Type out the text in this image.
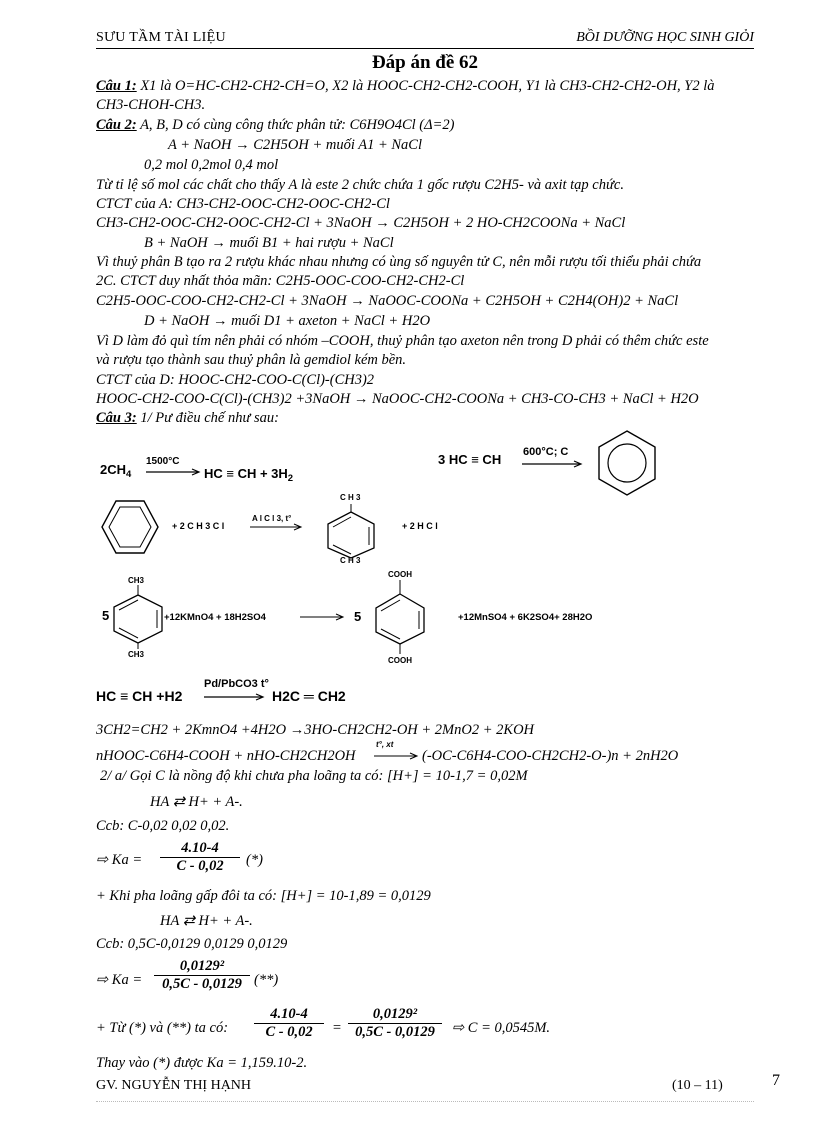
SƯU TẦM TÀI LIỆU	BỒI DƯỠNG HỌC SINH GIỎI
Đáp án đề 62
Câu 1: X1 là O=HC-CH2-CH2-CH=O, X2 là HOOC-CH2-CH2-COOH, Y1 là CH3-CH2-CH2-OH, Y2 là
CH3-CHOH-CH3.
Câu 2: A, B, D có cùng công thức phân tử: C6H9O4Cl (Δ=2)
A + NaOH → C2H5OH + muối A1 + NaCl
0,2 mol 0,2mol 0,4 mol
Từ tỉ lệ số mol các chất cho thấy A là este 2 chức chứa 1 gốc rượu C2H5- và axit tạp chức.
CTCT của A: CH3-CH2-OOC-CH2-OOC-CH2-Cl
CH3-CH2-OOC-CH2-OOC-CH2-Cl + 3NaOH → C2H5OH + 2 HO-CH2COONa + NaCl
B + NaOH → muối B1 + hai rượu + NaCl
Vì thuỷ phân B tạo ra 2 rượu khác nhau nhưng có ùng số nguyên tử C, nên mỗi rượu tối thiểu phải chứa
2C. CTCT duy nhất thỏa mãn: C2H5-OOC-COO-CH2-CH2-Cl
C2H5-OOC-COO-CH2-CH2-Cl + 3NaOH → NaOOC-COONa + C2H5OH + C2H4(OH)2 + NaCl
D + NaOH → muối D1 + axeton + NaCl + H2O
Vì D làm đỏ quì tím nên phải có nhóm –COOH, thuỷ phân tạo axeton nên trong D phải có thêm chức este
và rượu tạo thành sau thuỷ phân là gemdiol kém bền.
CTCT của D: HOOC-CH2-COO-C(Cl)-(CH3)2
HOOC-CH2-COO-C(Cl)-(CH3)2 +3NaOH → NaOOC-CH2-COONa + CH3-CO-CH3 + NaCl + H2O
Câu 3: 1/ Pư điều chế như sau:
$2CH_4$
1500°C
HC ≡ CH + $3H_2$
3 HC ≡ CH 600°C; C
+ 2 C H 3 C l
A l C l 3, t°
C H 3
C H 3
+ 2 H C l
5
CH3
CH3
+12KMnO4 + 18H2SO4	5
COOH
COOH
+12MnSO4 + 6K2SO4+ 28H2O
HC ≡ CH +H2
Pd/PbCO3 t°
H2C ═ CH2
3CH2=CH2 + 2KmnO4 +4H2O →3HO-CH2CH2-OH + 2MnO2 + 2KOH
nHOOC-C6H4-COOH + nHO-CH2CH2OH
t°, xt
(-OC-C6H4-COO-CH2CH2-O-)n + 2nH2O
2/ a/ Gọi C là nồng độ khi chưa pha loãng ta có: [H+] = 10-1,7 = 0,02M
HA ⇄ H+ + A-.
Ccb: C-0,02 0,02 0,02.
⇨ $Ka = \frac{4.10-4}{C - 0,02}$ (*)
+ Khi pha loãng gấp đôi ta có: [H+] = 10-1,89 = 0,0129
HA ⇄ H+ + A-.
Ccb: 0,5C-0,0129 0,0129 0,0129
⇨ $Ka = \frac{\text{0,0129²}}{0,5C - 0,0129}$ (**)
+ Từ (*) và (**) ta có: $\frac{4.10-4}{C - 0,02} = \frac{\text{0,0129²}}{0,5C - 0,0129}$ ⇨ C = 0,0545M.
Thay vào (*) được Ka = 1,159.10-2.
GV. NGUYỄN THỊ HẠNH	(10 – 11)	7
